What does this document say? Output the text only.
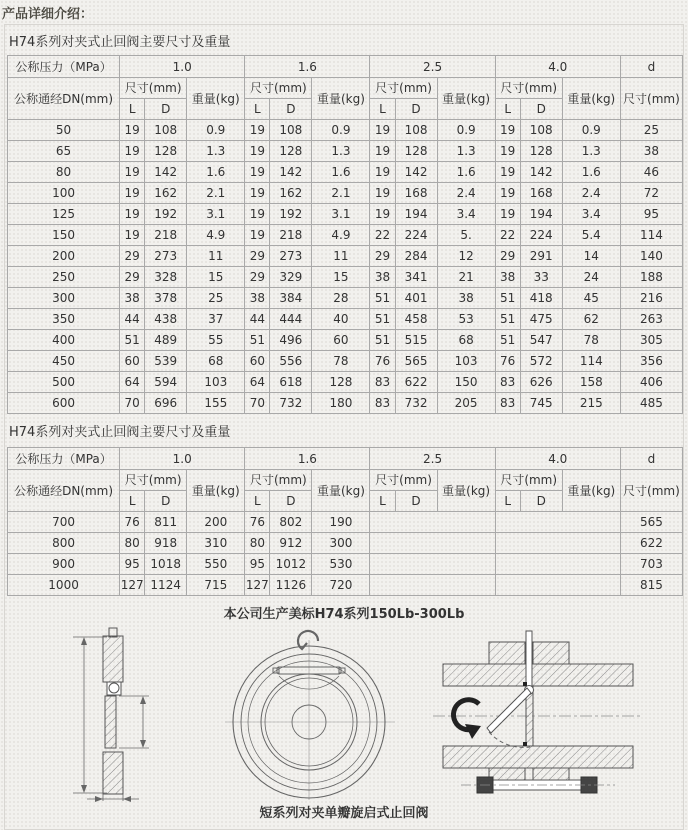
产品详细介绍：
H74系列对夹式止回阀主要尺寸及重量
公称压力（MPa）	1.0			1.6			2.5			4.0			d
公称通经DN(mm)	尺寸(mm)		重量(kg)	尺寸(mm)		重量(kg)	尺寸(mm)		重量(kg)	尺寸(mm)		重量(kg)	尺寸(mm)
	L	D		L	D		L	D		L	D		
50	19	108	0.9	19	108	0.9	19	108	0.9	19	108	0.9	25
65	19	128	1.3	19	128	1.3	19	128	1.3	19	128	1.3	38
80	19	142	1.6	19	142	1.6	19	142	1.6	19	142	1.6	46
100	19	162	2.1	19	162	2.1	19	168	2.4	19	168	2.4	72
125	19	192	3.1	19	192	3.1	19	194	3.4	19	194	3.4	95
150	19	218	4.9	19	218	4.9	22	224	5.	22	224	5.4	114
200	29	273	11	29	273	11	29	284	12	29	291	14	140
250	29	328	15	29	329	15	38	341	21	38	33	24	188
300	38	378	25	38	384	28	51	401	38	51	418	45	216
350	44	438	37	44	444	40	51	458	53	51	475	62	263
400	51	489	55	51	496	60	51	515	68	51	547	78	305
450	60	539	68	60	556	78	76	565	103	76	572	114	356
500	64	594	103	64	618	128	83	622	150	83	626	158	406
600	70	696	155	70	732	180	83	732	205	83	745	215	485
H74系列对夹式止回阀主要尺寸及重量
公称压力（MPa）	1.0			1.6			2.5			4.0			d
公称通经DN(mm)	尺寸(mm)		重量(kg)	尺寸(mm)		重量(kg)	尺寸(mm)		重量(kg)	尺寸(mm)		重量(kg)	尺寸(mm)
	L	D		L	D		L	D		L	D		
700	76	811	200	76	802	190							565
800	80	918	310	80	912	300							622
900	95	1018	550	95	1012	530							703
1000	127	1124	715	127	1126	720							815
本公司生产美标H74系列150Lb-300Lb
短系列对夹单瓣旋启式止回阀
